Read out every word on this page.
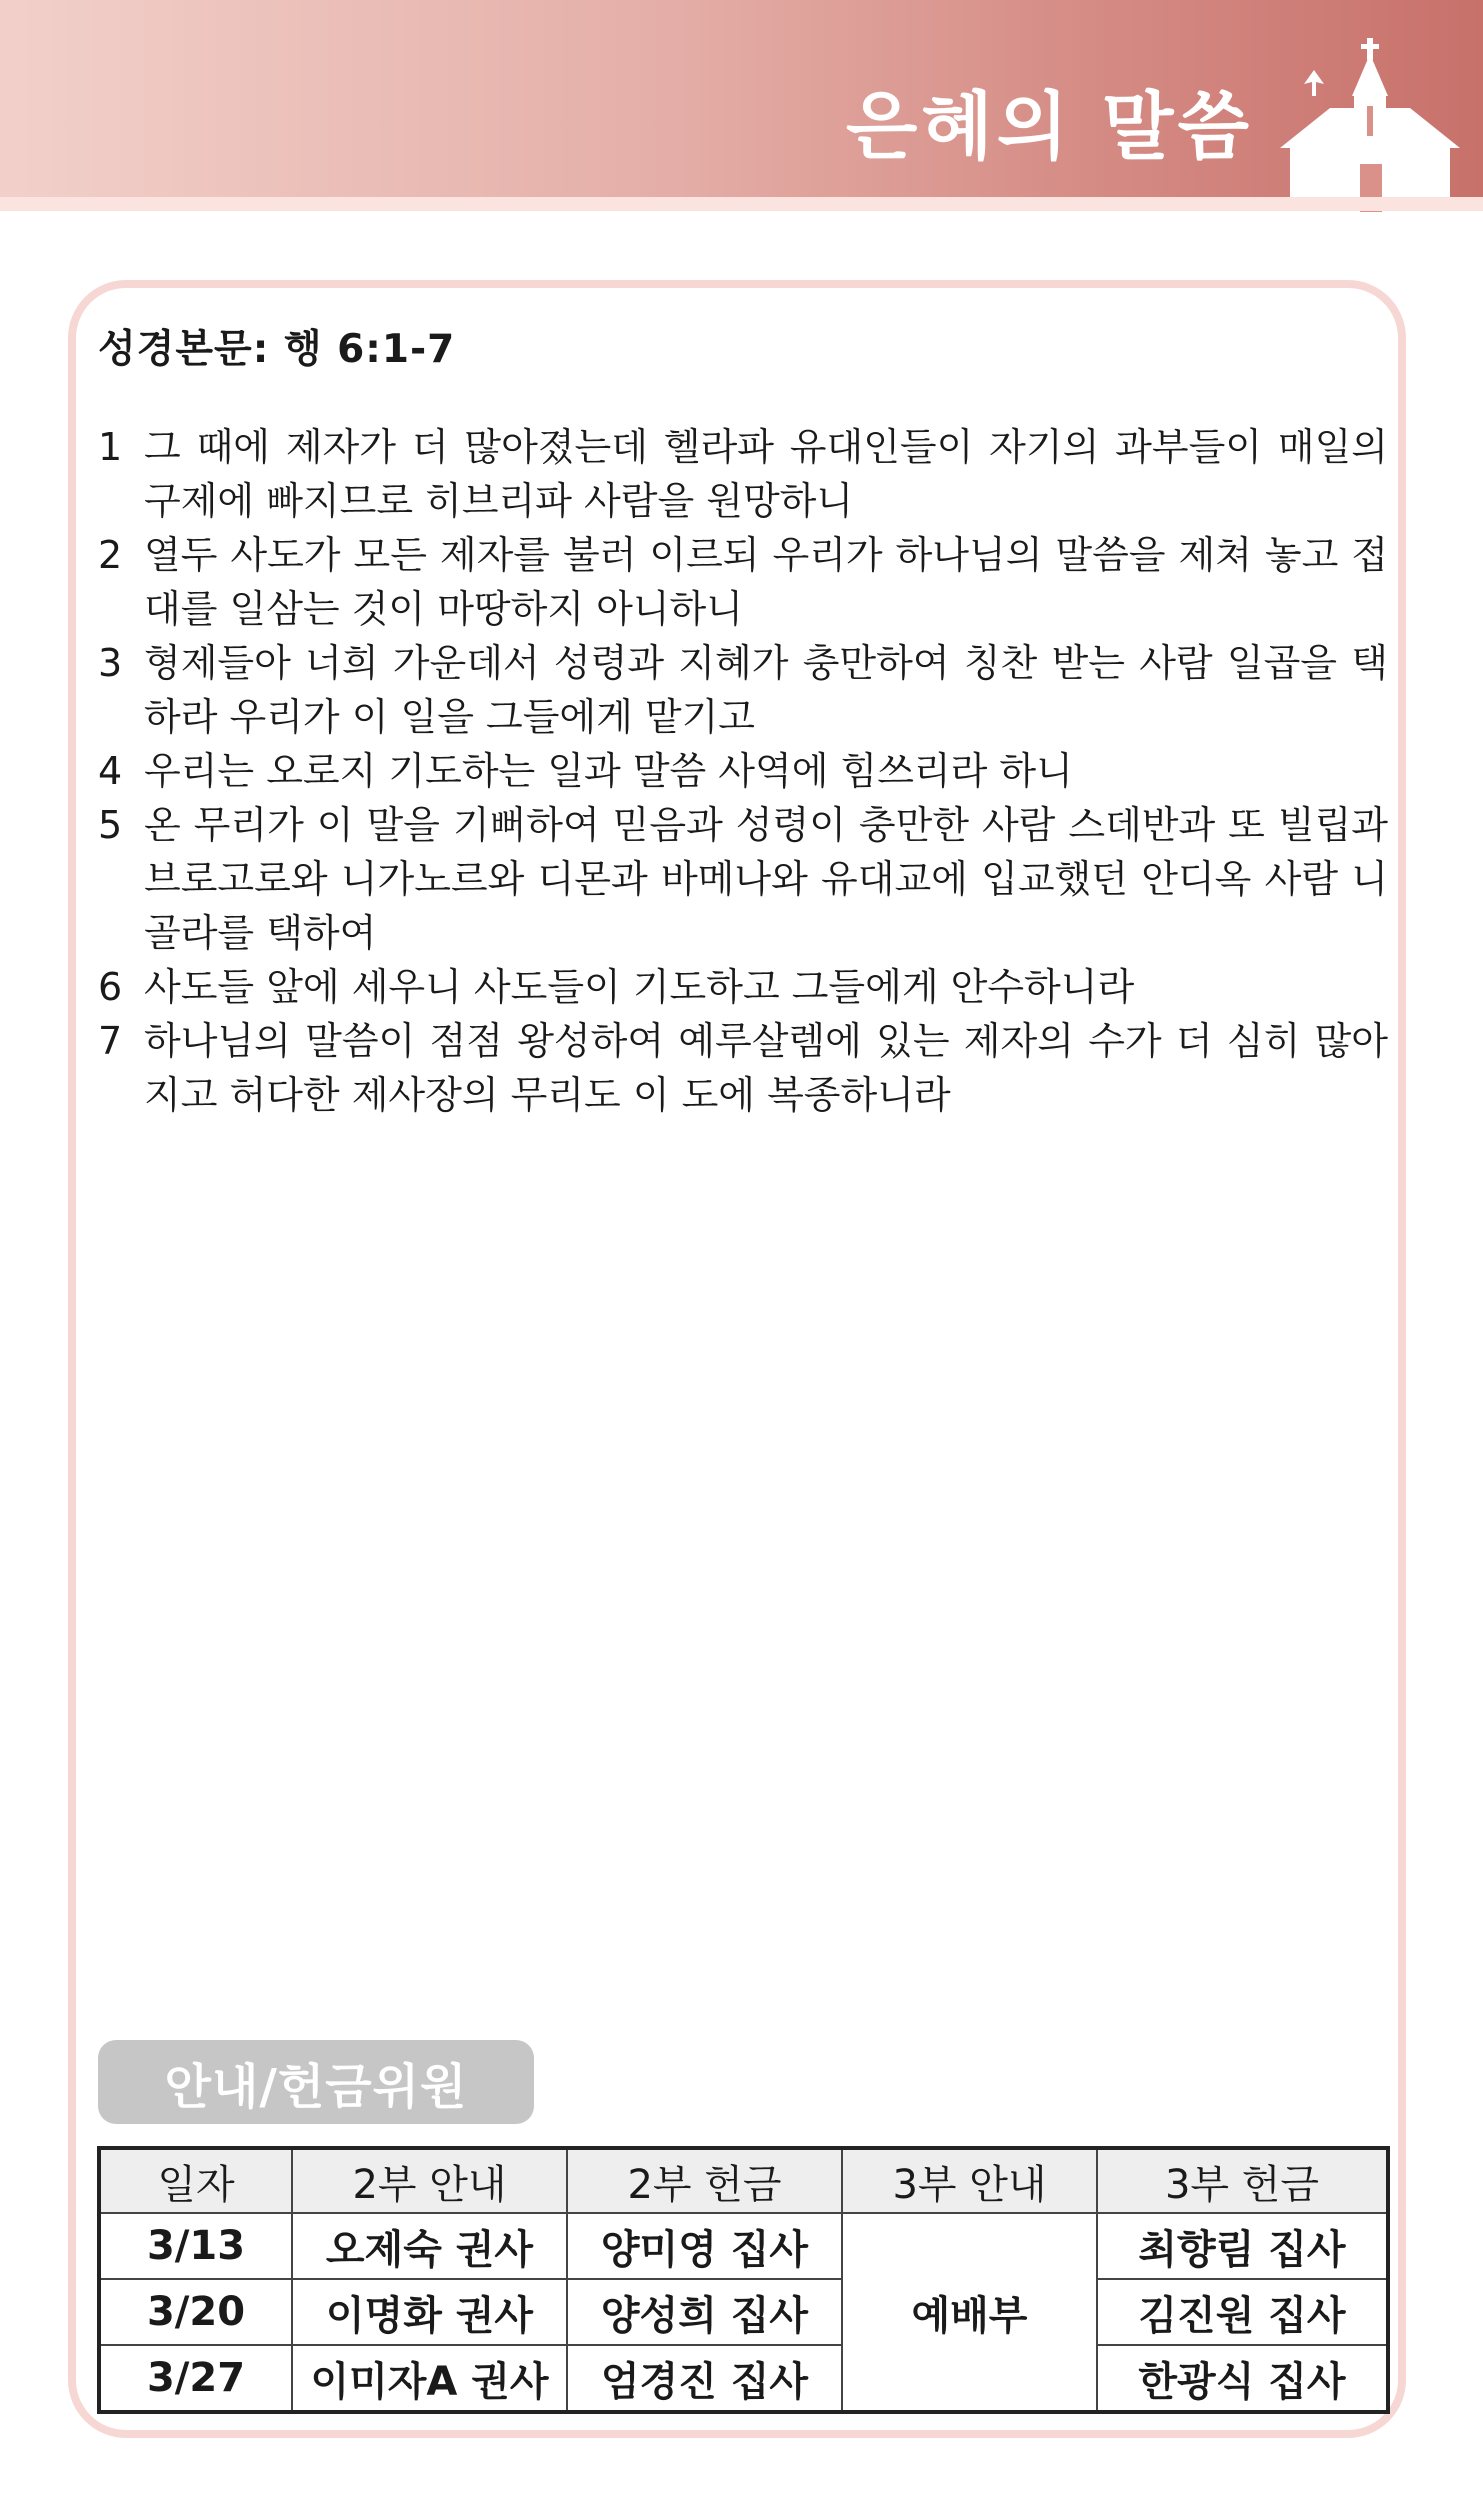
은혜의 말씀
성경본문: 행 6:1-7
1 그 때에 제자가 더 많아졌는데 헬라파 유대인들이 자기의 과부들이 매일의 구제에 빠지므로 히브리파 사람을 원망하니
2 열두 사도가 모든 제자를 불러 이르되 우리가 하나님의 말씀을 제쳐 놓고 접대를 일삼는 것이 마땅하지 아니하니
3 형제들아 너희 가운데서 성령과 지혜가 충만하여 칭찬 받는 사람 일곱을 택하라 우리가 이 일을 그들에게 맡기고
4 우리는 오로지 기도하는 일과 말씀 사역에 힘쓰리라 하니
5 온 무리가 이 말을 기뻐하여 믿음과 성령이 충만한 사람 스데반과 또 빌립과 브로고로와 니가노르와 디몬과 바메나와 유대교에 입교했던 안디옥 사람 니골라를 택하여
6 사도들 앞에 세우니 사도들이 기도하고 그들에게 안수하니라
7 하나님의 말씀이 점점 왕성하여 예루살렘에 있는 제자의 수가 더 심히 많아지고 허다한 제사장의 무리도 이 도에 복종하니라
안내/헌금위원
일자	2부 안내	2부 헌금	3부 안내	3부 헌금
3/13	오제숙 권사	양미영 집사	예배부	최향림 집사
3/20	이명화 권사	양성희 집사		김진원 집사
3/27	이미자A 권사	엄경진 집사		한광식 집사
